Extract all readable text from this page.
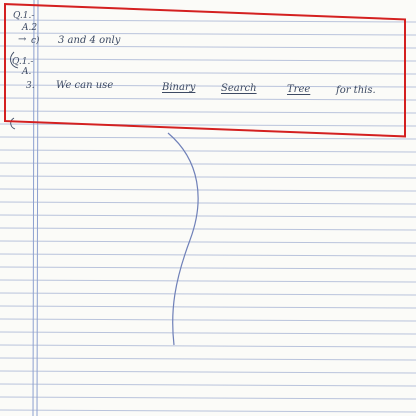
Q.1.-
A.2
→ c) 3 and 4 only
Q.1.-
A.
3. We can use	Binary	Search	Tree	for this.
